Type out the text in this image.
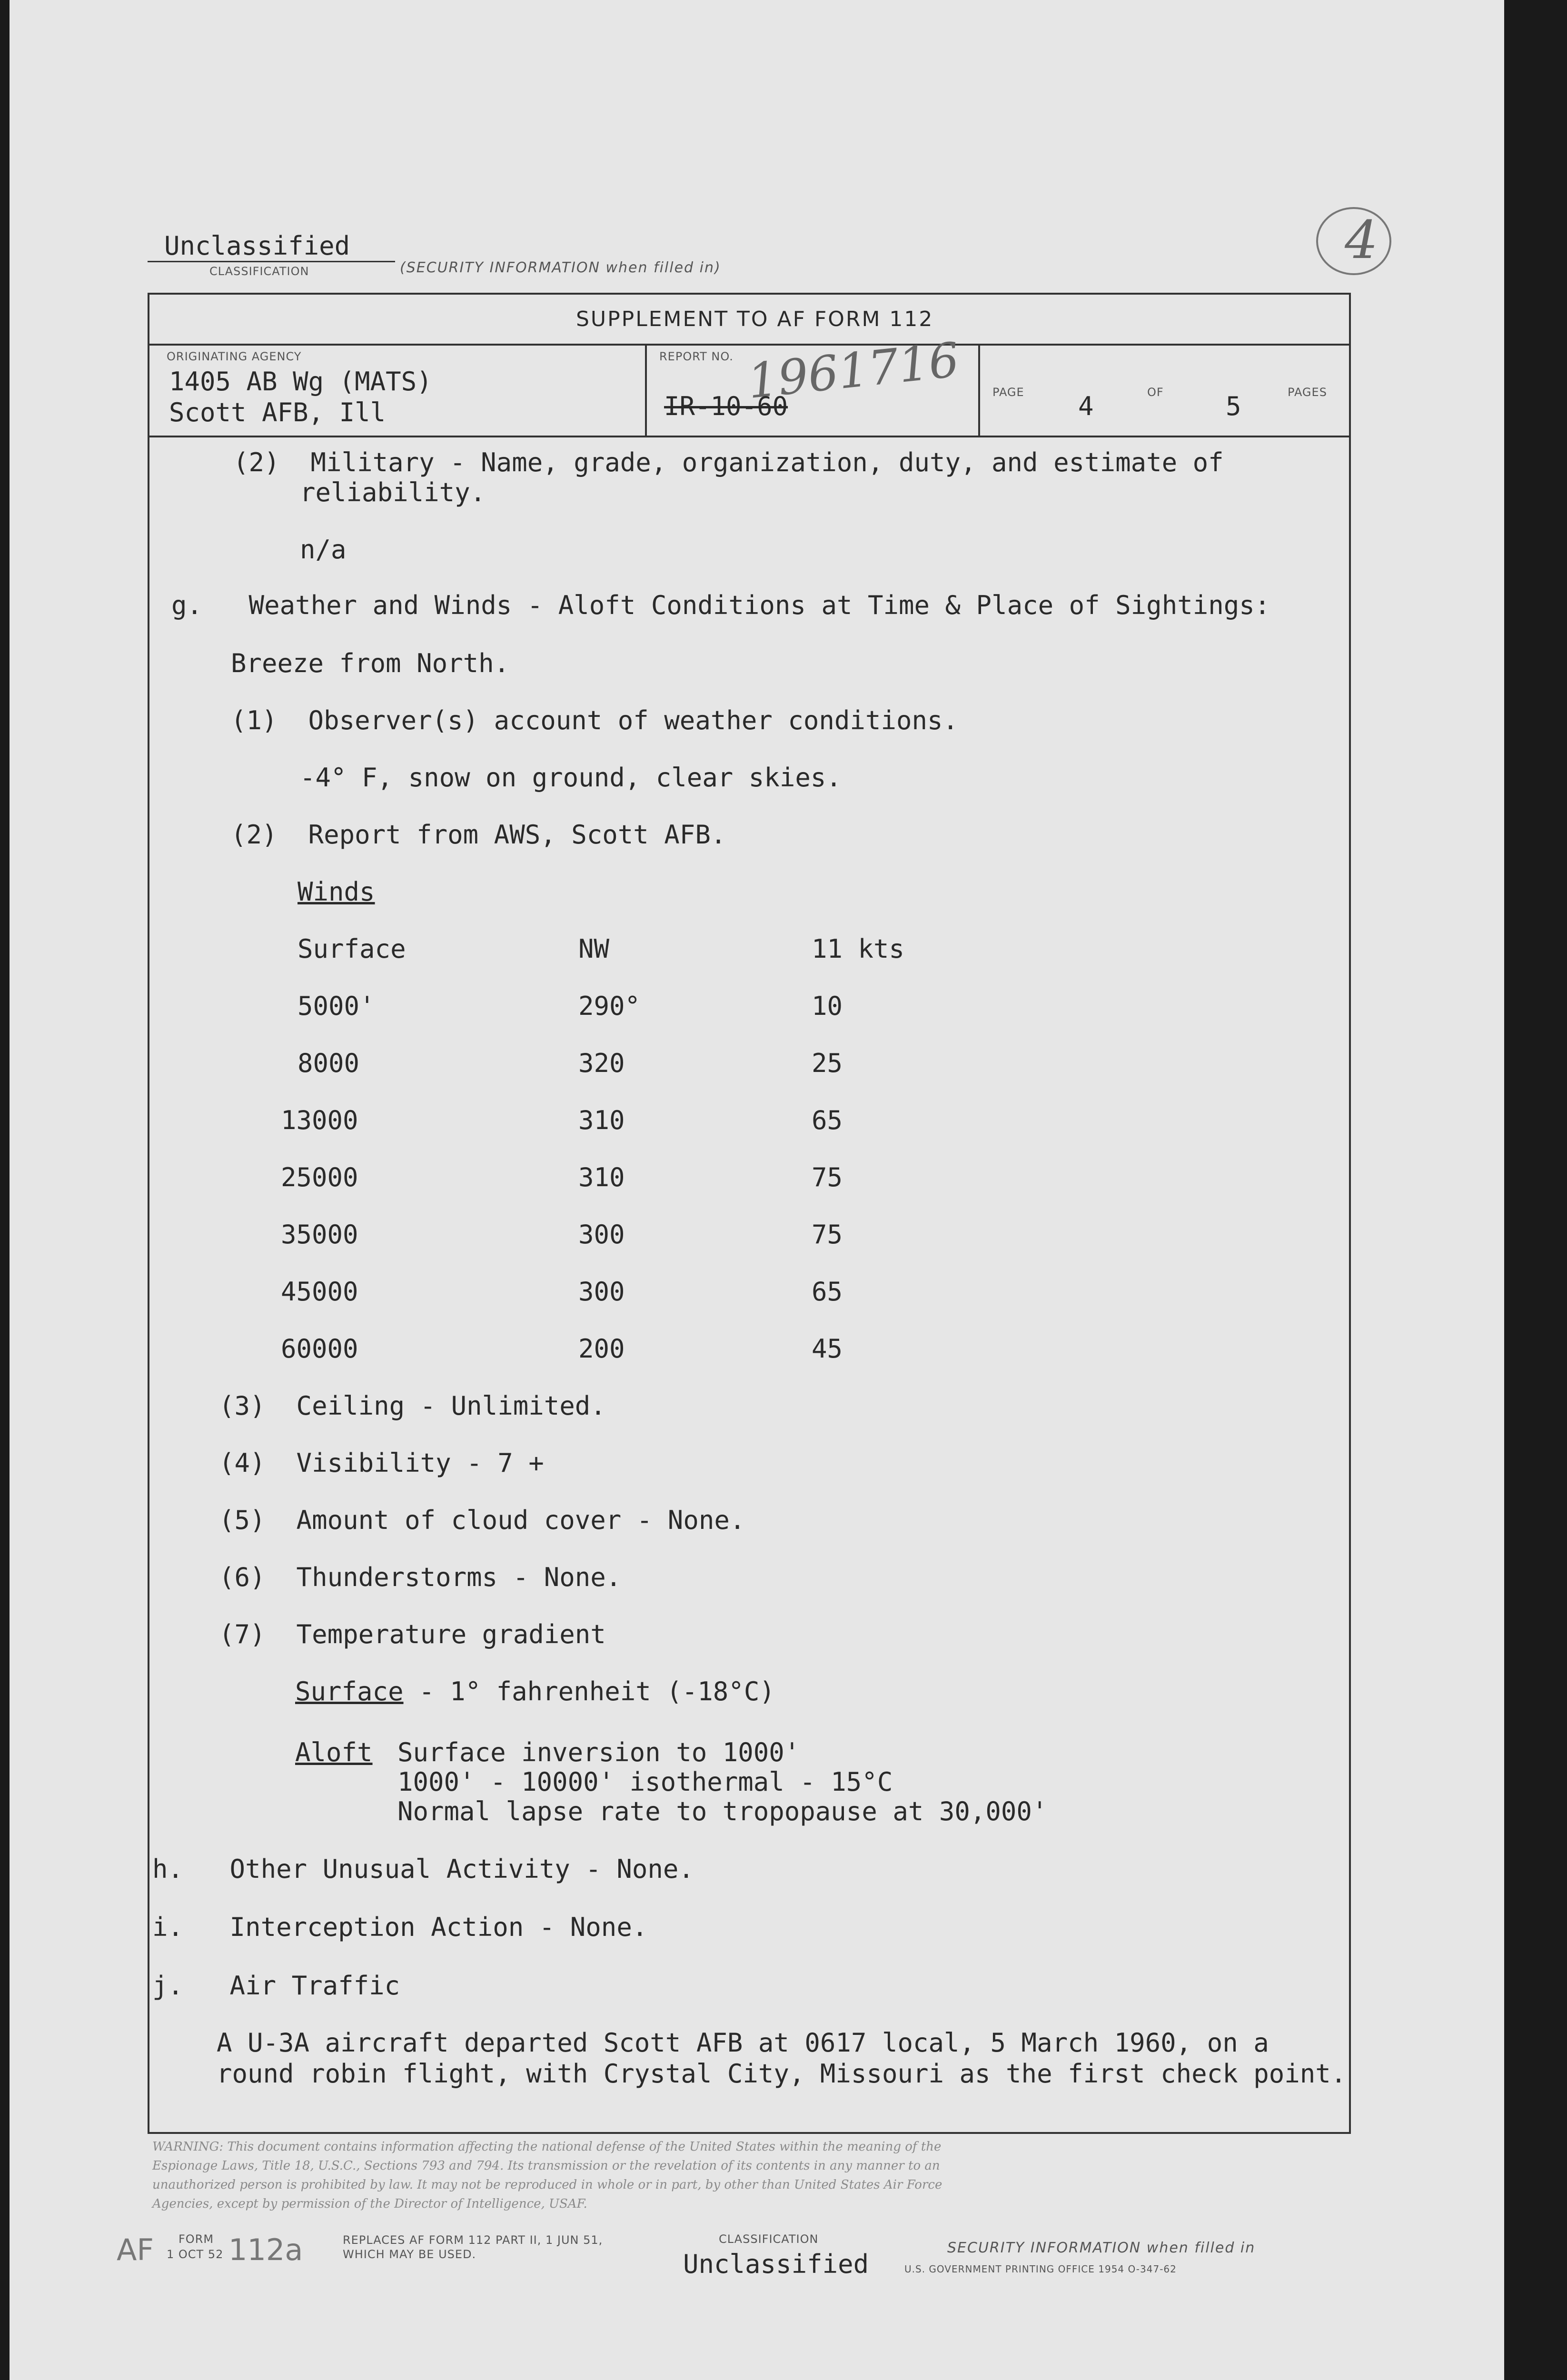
Unclassified
CLASSIFICATION	(SECURITY INFORMATION when filled in)	4
SUPPLEMENT TO AF FORM 112
ORIGINATING AGENCY
1405 AB Wg (MATS)
Scott AFB, Ill
REPORT NO. 1961716
IR-10-60	PAGE 4	OF 5	PAGES
(2)  Military - Name, grade, organization, duty, and estimate of
reliability.
n/a
g.   Weather and Winds - Aloft Conditions at Time & Place of Sightings:
Breeze from North.
(1)  Observer(s) account of weather conditions.
-4° F, snow on ground, clear skies.
(2)  Report from AWS, Scott AFB.
Winds
Surface	NW	11 kts
5000'	290°	10
8000	320	25
13000	310	65
25000	310	75
35000	300	75
45000	300	65
60000	200	45
(3)  Ceiling - Unlimited.
(4)  Visibility - 7 +
(5)  Amount of cloud cover - None.
(6)  Thunderstorms - None.
(7)  Temperature gradient
Surface - 1° fahrenheit (-18°C)
Aloft Surface inversion to 1000'
1000' - 10000' isothermal - 15°C
Normal lapse rate to tropopause at 30,000'
h.   Other Unusual Activity - None.
i.   Interception Action - None.
j.   Air Traffic
A U-3A aircraft departed Scott AFB at 0617 local, 5 March 1960, on a
round robin flight, with Crystal City, Missouri as the first check point.
WARNING: This document contains information affecting the national defense of the United States within the meaning of the
Espionage Laws, Title 18, U.S.C., Sections 793 and 794. Its transmission or the revelation of its contents in any manner to an
unauthorized person is prohibited by law. It may not be reproduced in whole or in part, by other than United States Air Force
Agencies, except by permission of the Director of Intelligence, USAF.
AF FORM
1 OCT 52 112a	REPLACES AF FORM 112 PART II, 1 JUN 51,
WHICH MAY BE USED.
CLASSIFICATION
Unclassified
SECURITY INFORMATION when filled in
U.S. GOVERNMENT PRINTING OFFICE 1954 O-347-62
